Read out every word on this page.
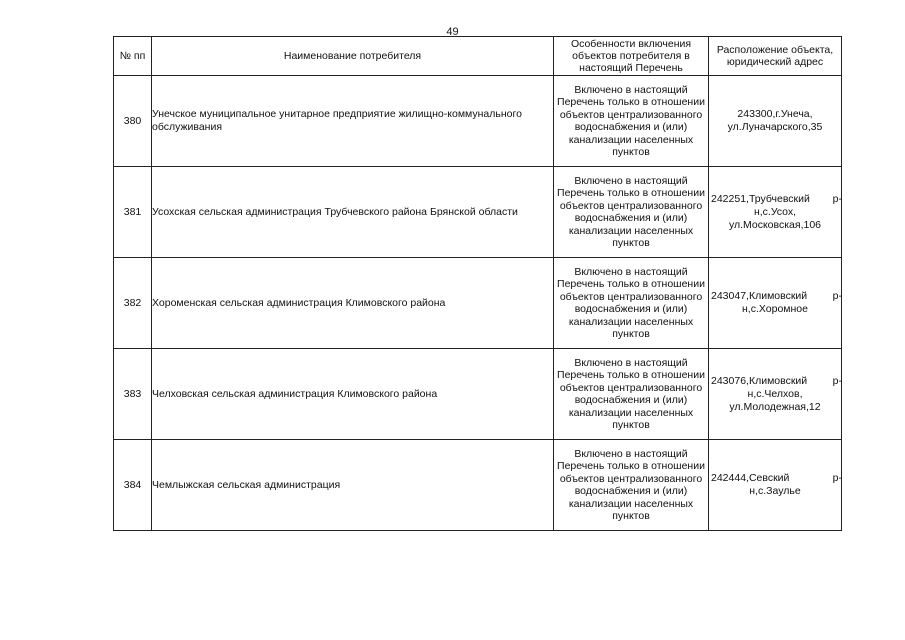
49
№ пп	Наименование потребителя	Особенности включения объектов потребителя в настоящий Перечень	Расположение объекта, юридический адрес
380	Унечское муниципальное унитарное предприятие жилищно-коммунального обслуживания	Включено в настоящий Перечень только в отношении объектов централизованного водоснабжения и (или) канализации населенных пунктов	243300,г.Унеча,
ул.Луначарского,35

381	Усохская сельская администрация Трубчевского района Брянской области	Включено в настоящий Перечень только в отношении объектов централизованного водоснабжения и (или) канализации населенных пунктов	242251,Трубчевский р-
н,с.Усох,
ул.Московская,106

382	Хороменская сельская администрация Климовского района	Включено в настоящий Перечень только в отношении объектов централизованного водоснабжения и (или) канализации населенных пунктов	243047,Климовский р-
н,с.Хоромное

383	Челховская сельская администрация Климовского района	Включено в настоящий Перечень только в отношении объектов централизованного водоснабжения и (или) канализации населенных пунктов	243076,Климовский р-
н,с.Челхов,
ул.Молодежная,12

384	Чемлыжская сельская администрация	Включено в настоящий Перечень только в отношении объектов централизованного водоснабжения и (или) канализации населенных пунктов	242444,Севский р-
н,с.Заулье
